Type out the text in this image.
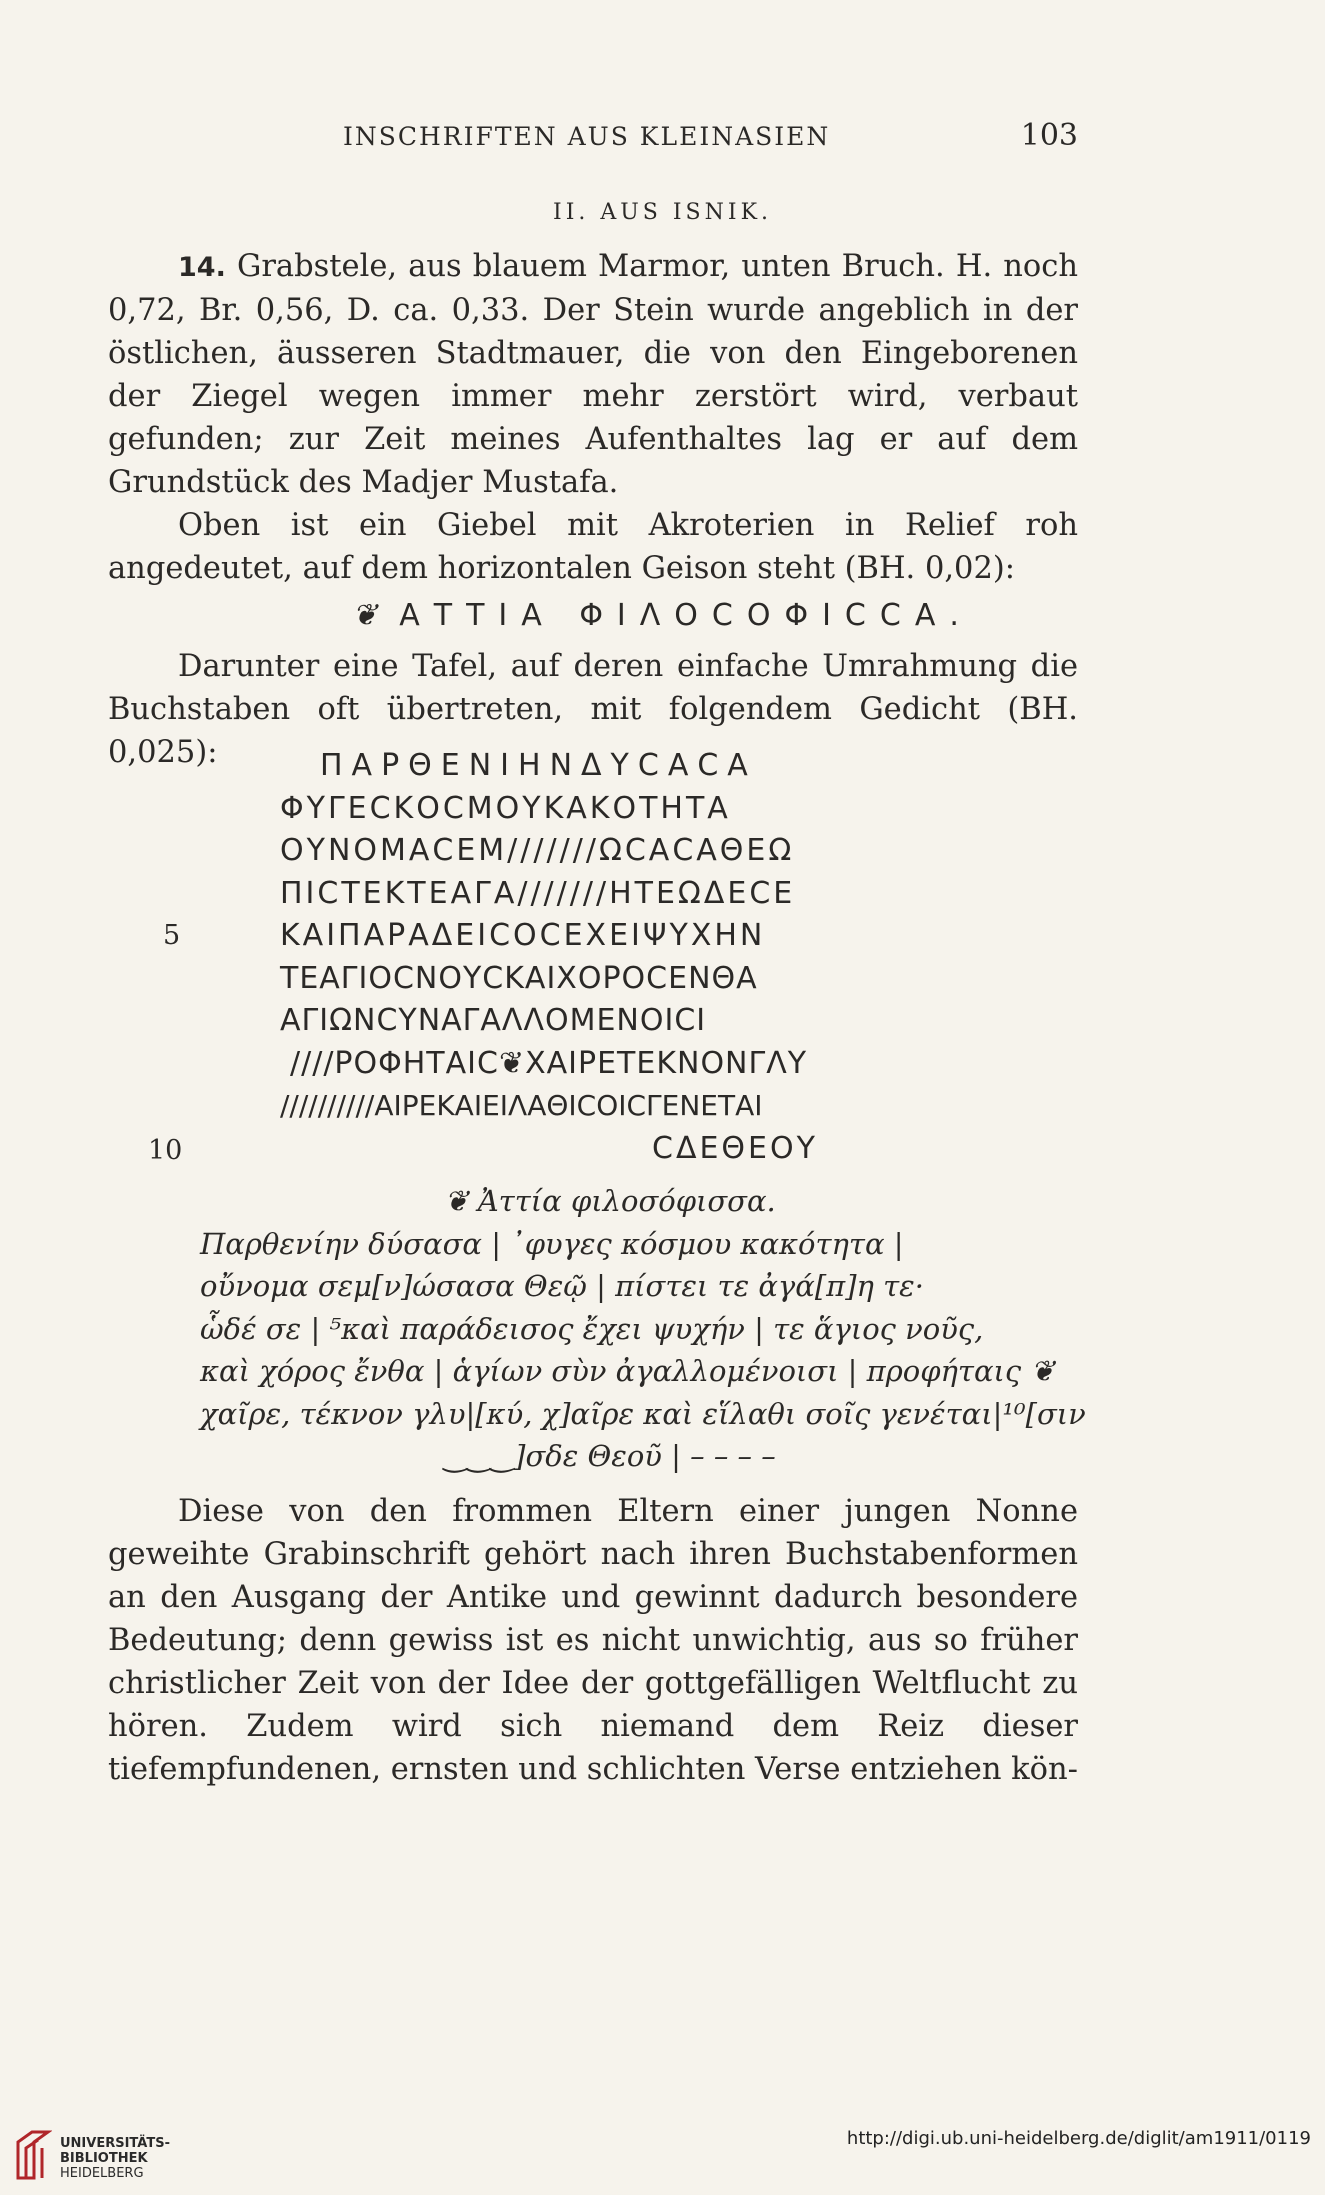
INSCHRIFTEN AUS KLEINASIEN	103
II. AUS ISNIK.

14. Grabstele, aus blauem Marmor, unten Bruch. H. noch 0,72, Br. 0,56, D. ca. 0,33. Der Stein wurde angeblich in der östlichen, äusseren Stadtmauer, die von den Eingeborenen der Ziegel wegen immer mehr zerstört wird, verbaut gefunden; zur Zeit meines Aufenthaltes lag er auf dem Grundstück des Madjer Mustafa.

Oben ist ein Giebel mit Akroterien in Relief roh angedeutet, auf dem horizontalen Geison steht (BH. 0,02):

❦ ΑΤΤΙΑ ΦΙΛΟCΟΦΙCCΑ.

Darunter eine Tafel, auf deren einfache Umrahmung die Buchstaben oft übertreten, mit folgendem Gedicht (BH. 0,025):

5
10
ΠΑΡΘΕΝΙΗΝΔΥCΑCΑ
ΦΥΓΕCΚΟCΜΟΥΚΑΚΟΤΗΤΑ
ΟΥΝΟΜΑCΕΜ///////ΩCΑCΑΘΕΩ
ΠΙCΤΕΚΤΕΑΓΑ///////ΗΤΕΩΔΕCΕ
ΚΑΙΠΑΡΑΔΕΙCΟCΕΧΕΙΨΥΧΗΝ
ΤΕΑΓΙΟCΝΟΥCΚΑΙΧΟΡΟCΕΝΘΑ
ΑΓΙΩΝCΥΝΑΓΑΛΛΟΜΕΝΟΙCΙ
////ΡΟΦΗΤΑΙC❦ΧΑΙΡΕΤΕΚΝΟΝΓΛΥ
//////////ΑΙΡΕΚΑΙΕΙΛΑΘΙCΟΙCΓΕΝΕΤΑΙ
CΔΕΘΕΟΥ
❦ Ἀττία φιλοσόφισσα.
Παρθενίην δύσασα | ᾿φυγες κόσμου κακότητα |
οὔνομα σεμ[ν]ώσασα Θεῷ | πίστει τε ἀγά[π]η τε·
ὧδέ σε | ⁵καὶ παράδεισος ἔχει ψυχήν | τε ἅγιος νοῦς,
καὶ χόρος ἔνθα | ἁγίων σὺν ἀγαλλομένοισι | προφήταις ❦
χαῖρε, τέκνον γλυ|[κύ, χ]αῖρε καὶ εἵλαθι σοῖς γενέται|¹⁰[σιν
‿‿‿]σδε Θεοῦ | – – – –

Diese von den frommen Eltern einer jungen Nonne geweihte Grabinschrift gehört nach ihren Buchstabenformen an den Ausgang der Antike und gewinnt dadurch besondere Bedeutung; denn gewiss ist es nicht unwichtig, aus so früher christlicher Zeit von der Idee der gottgefälligen Weltflucht zu hören. Zudem wird sich niemand dem Reiz dieser tiefempfundenen, ernsten und schlichten Verse entziehen kön-

UNIVERSITÄTS-
BIBLIOTHEK
HEIDELBERG
http://digi.ub.uni-heidelberg.de/diglit/am1911/0119
